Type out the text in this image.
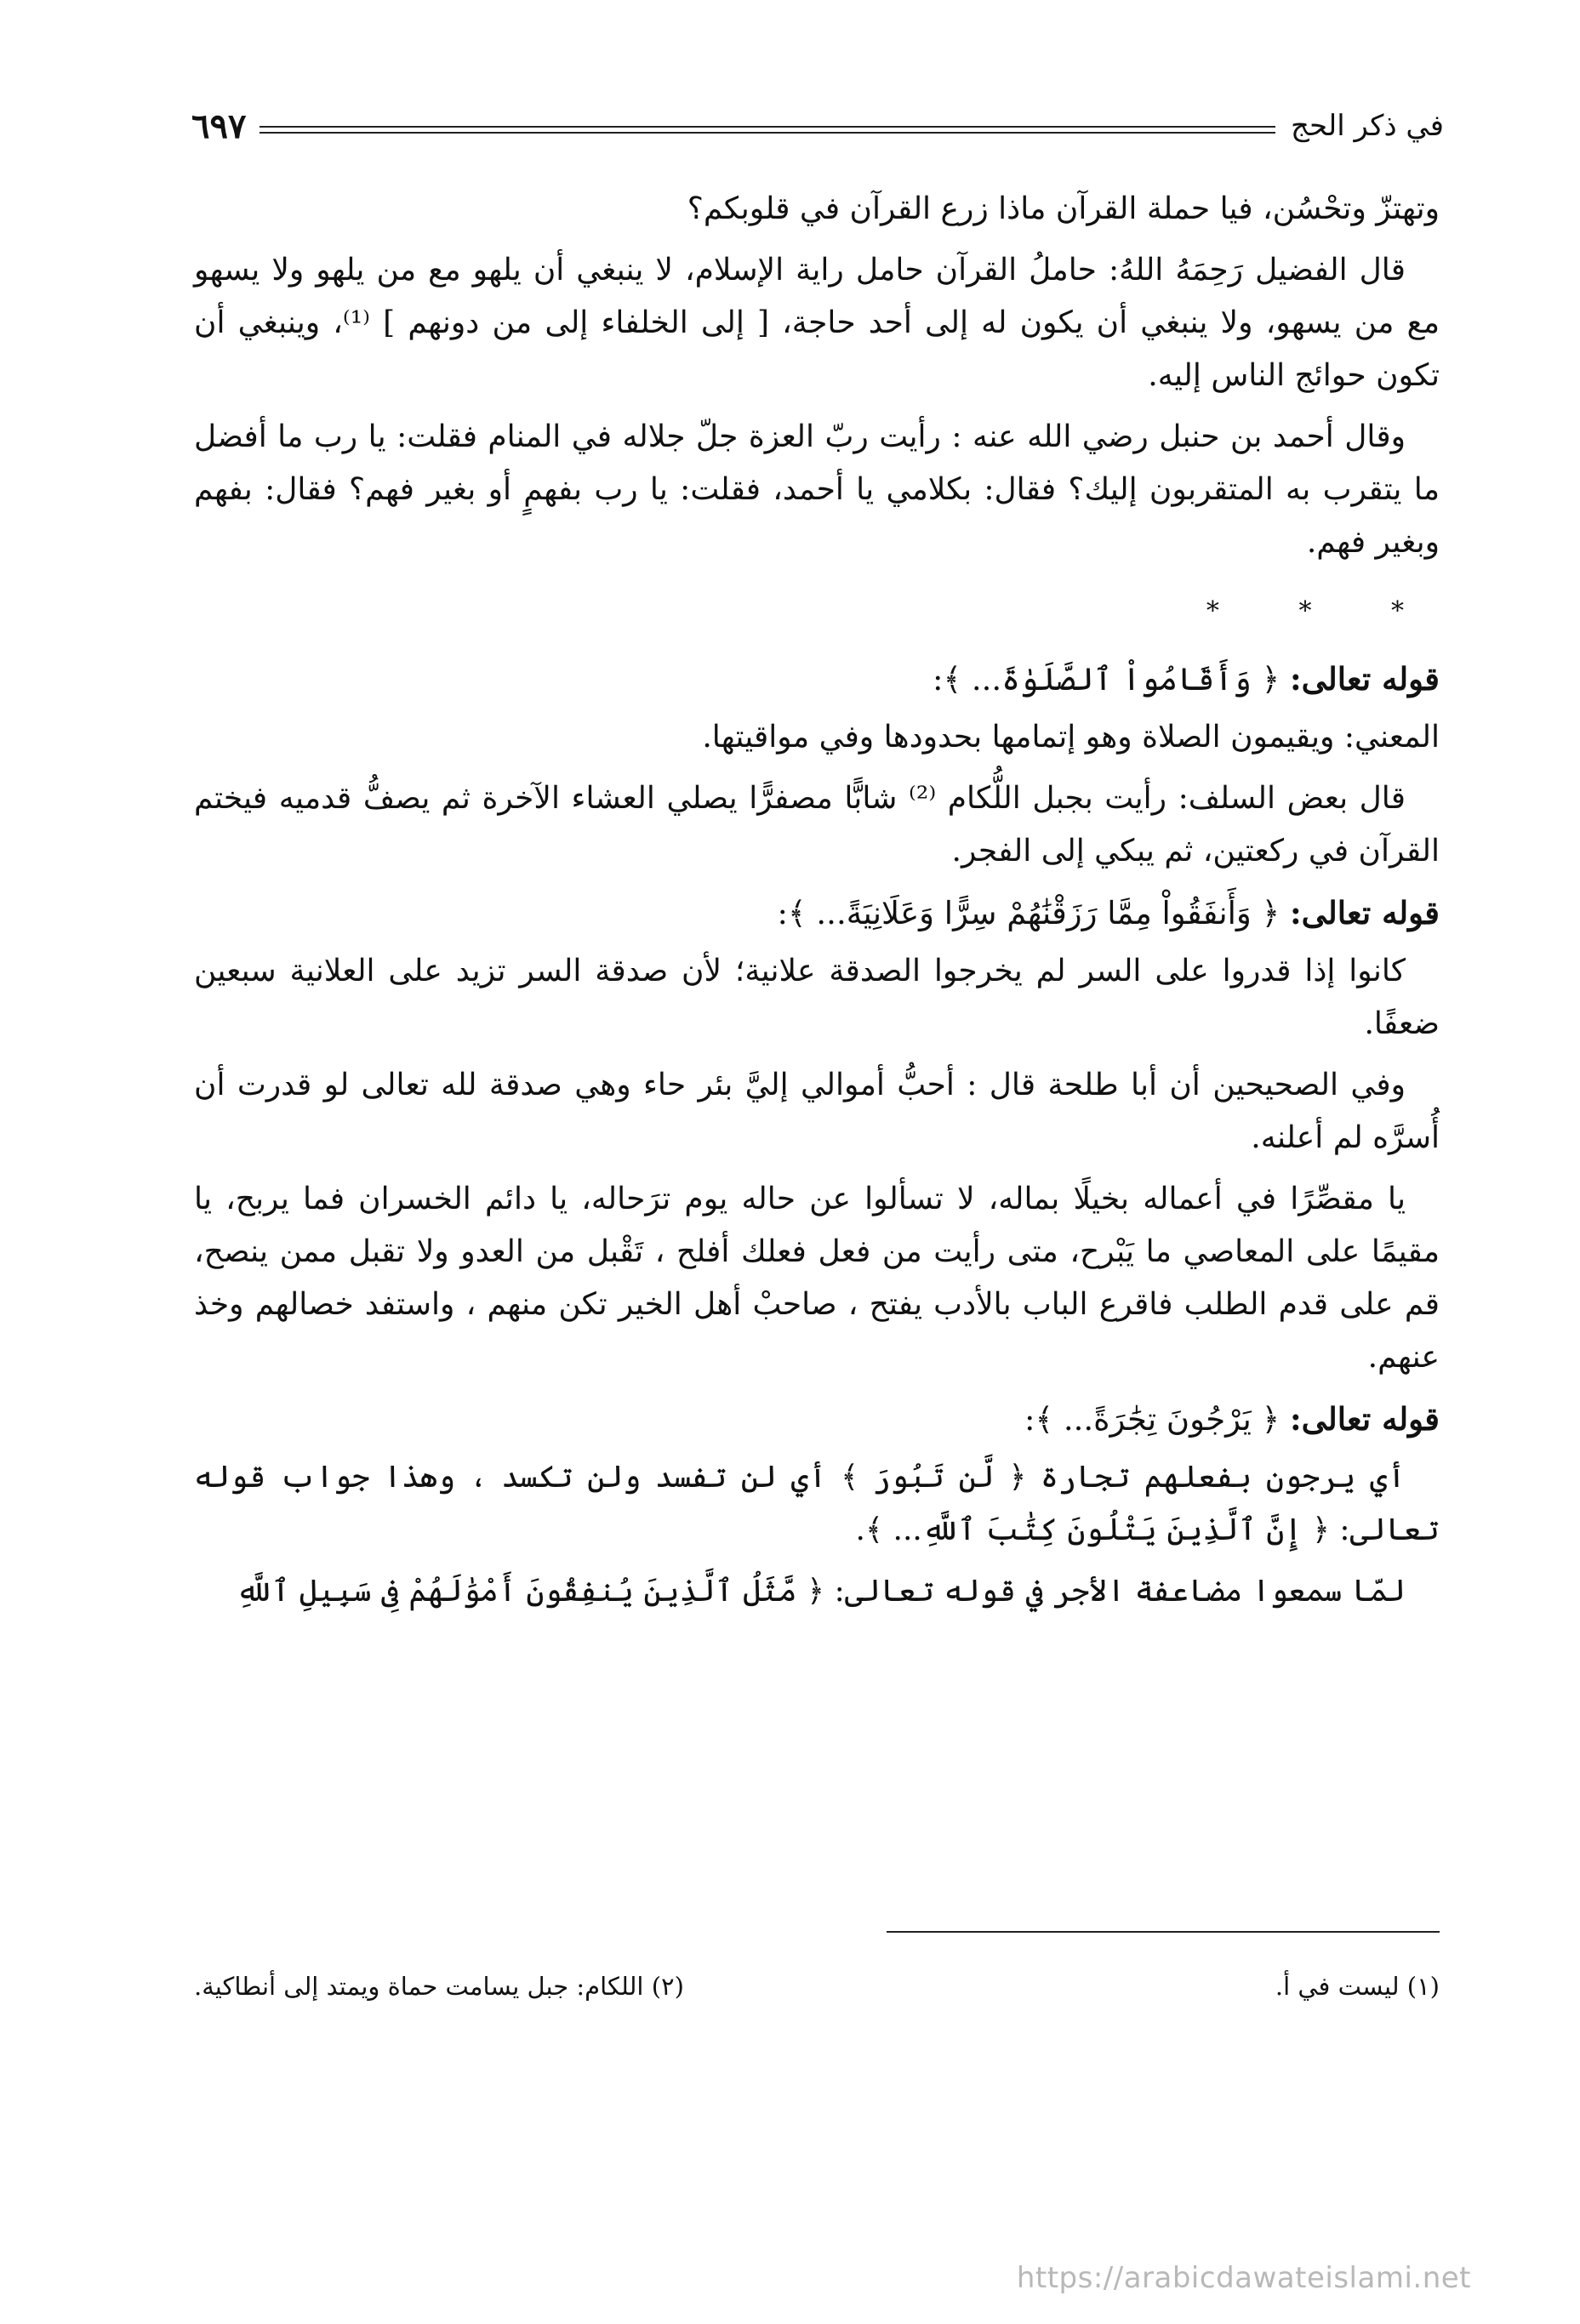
في ذكر الحج
٦٩٧

وتهتزّ وتحْسُن، فيا حملة القرآن ماذا زرع القرآن في قلوبكم؟

قال الفضيل رَحِمَهُ اللهُ: حاملُ القرآن حامل راية الإسلام، لا ينبغي أن يلهو مع من يلهو ولا يسهو مع من يسهو، ولا ينبغي أن يكون له إلى أحد حاجة، [ إلى الخلفاء إلى من دونهم ] ⁽¹⁾، وينبغي أن تكون حوائج الناس إليه.

وقال أحمد بن حنبل رضي الله عنه : رأيت ربّ العزة جلّ جلاله في المنام فقلت: يا رب ما أفضل ما يتقرب به المتقربون إليك؟ فقال: بكلامي يا أحمد، فقلت: يا رب بفهمٍ أو بغير فهم؟ فقال: بفهم وبغير فهم.

* * *

قوله تعالى: ﴿ وَأَقَامُواْ ٱلصَّلَوٰةَ... ﴾:

المعني: ويقيمون الصلاة وهو إتمامها بحدودها وفي مواقيتها.

قال بعض السلف: رأيت بجبل اللُّكام ⁽²⁾ شابًّا مصفرًّا يصلي العشاء الآخرة ثم يصفُّ قدميه فيختم القرآن في ركعتين، ثم يبكي إلى الفجر.

قوله تعالى: ﴿ وَأَنفَقُواْ مِمَّا رَزَقْنَٰهُمْ سِرًّا وَعَلَانِيَةً... ﴾:

كانوا إذا قدروا على السر لم يخرجوا الصدقة علانية؛ لأن صدقة السر تزيد على العلانية سبعين ضعفًا.

وفي الصحيحين أن أبا طلحة قال : أحبُّ أموالي إليَّ بئر حاء وهي صدقة لله تعالى لو قدرت أن أُسرَّه لم أعلنه.

يا مقصِّرًا في أعماله بخيلًا بماله، لا تسألوا عن حاله يوم ترَحاله، يا دائم الخسران فما يربح، يا مقيمًا على المعاصي ما يَبْرح، متى رأيت من فعل فعلك أفلح ، تَقْبل من العدو ولا تقبل ممن ينصح، قم على قدم الطلب فاقرع الباب بالأدب يفتح ، صاحبْ أهل الخير تكن منهم ، واستفد خصالهم وخذ عنهم.

قوله تعالى: ﴿ يَرْجُونَ تِجَٰرَةً... ﴾:

أي يرجون بفعلهم تجارة ﴿ لَّن تَبُورَ ﴾ أي لن تفسد ولن تكسد ، وهذا جواب قوله تعالى: ﴿ إِنَّ ٱلَّذِينَ يَتْلُونَ كِتَٰبَ ٱللَّهِ... ﴾.

لمّا سمعوا مضاعفة الأجر في قوله تعالى: ﴿ مَّثَلُ ٱلَّذِينَ يُنفِقُونَ أَمْوَٰلَهُمْ فِى سَبِيلِ ٱللَّهِ

(١) ليست في أ.
(٢) اللكام: جبل يسامت حماة ويمتد إلى أنطاكية.
https://arabicdawateislami.net
